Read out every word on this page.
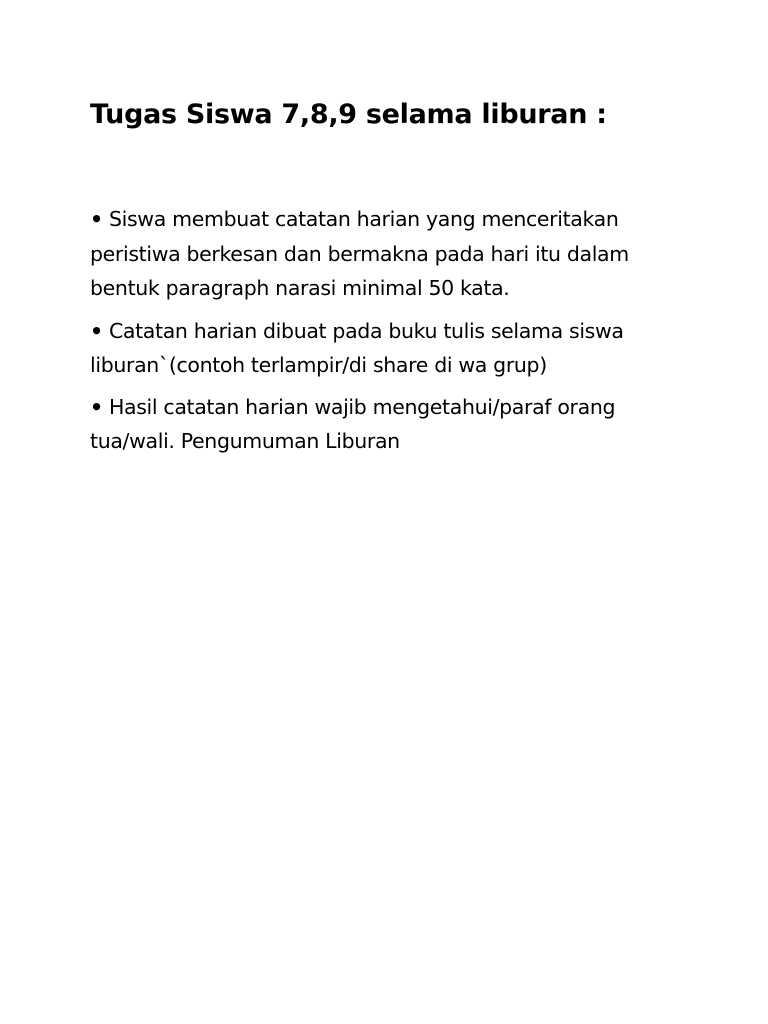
Tugas Siswa 7,8,9 selama liburan :
• Siswa membuat catatan harian yang menceritakan peristiwa berkesan dan bermakna pada hari itu dalam bentuk paragraph narasi minimal 50 kata.
• Catatan harian dibuat pada buku tulis selama siswa liburan`(contoh terlampir/di share di wa grup)
• Hasil catatan harian wajib mengetahui/paraf orang tua/wali. Pengumuman Liburan
